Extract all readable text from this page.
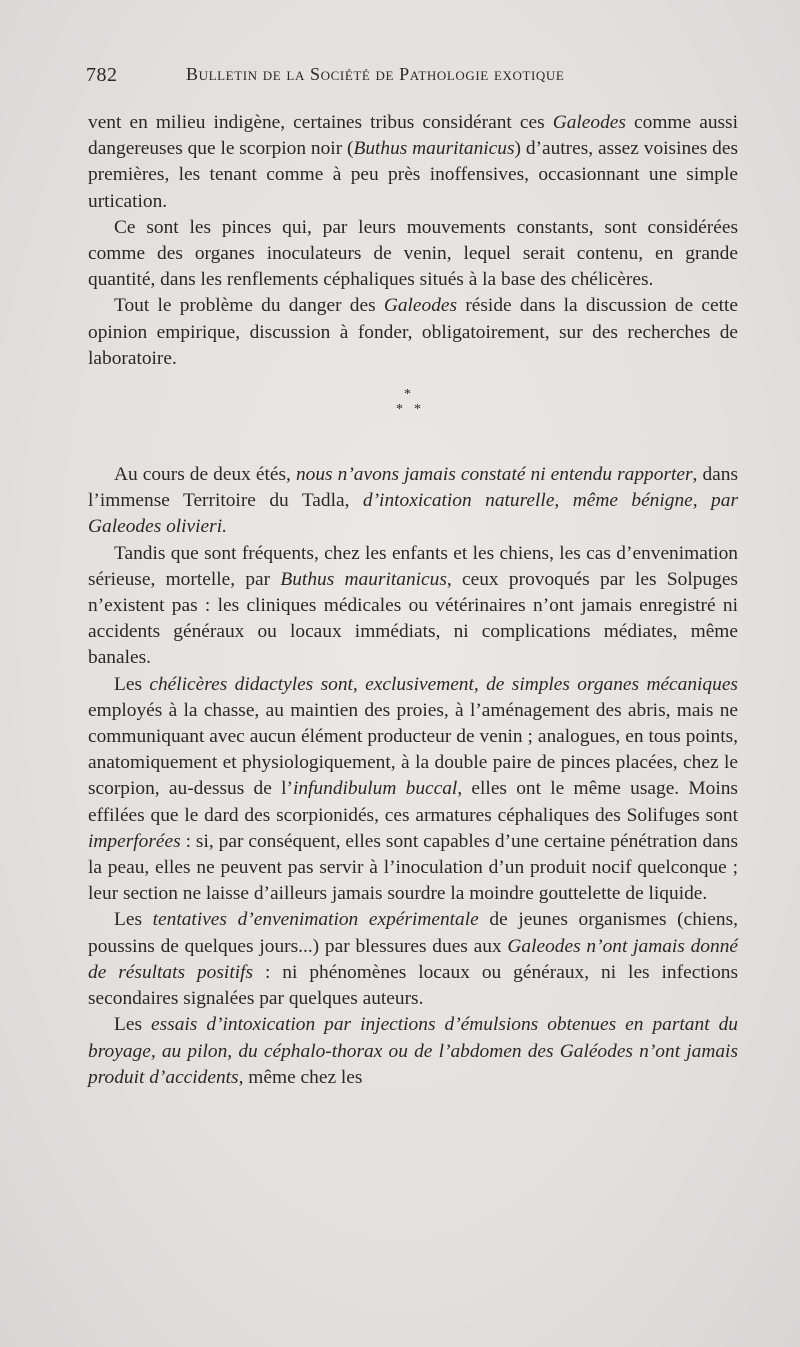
782	Bulletin de la Société de Pathologie exotique

vent en milieu indigène, certaines tribus considérant ces Galeodes comme aussi dangereuses que le scorpion noir (Buthus mauritanicus) d’autres, assez voisines des premières, les tenant comme à peu près inoffensives, occasionnant une simple urtication.

Ce sont les pinces qui, par leurs mouvements constants, sont considérées comme des organes inoculateurs de venin, lequel serait contenu, en grande quantité, dans les renflements céphaliques situés à la base des chélicères.

Tout le problème du danger des Galeodes réside dans la discussion de cette opinion empirique, discussion à fonder, obligatoirement, sur des recherches de laboratoire.

*
* *

Au cours de deux étés, nous n’avons jamais constaté ni entendu rapporter, dans l’immense Territoire du Tadla, d’intoxication naturelle, même bénigne, par Galeodes olivieri.

Tandis que sont fréquents, chez les enfants et les chiens, les cas d’envenimation sérieuse, mortelle, par Buthus mauritanicus, ceux provoqués par les Solpuges n’existent pas : les cliniques médicales ou vétérinaires n’ont jamais enregistré ni accidents généraux ou locaux immédiats, ni complications médiates, même banales.

Les chélicères didactyles sont, exclusivement, de simples organes mécaniques employés à la chasse, au maintien des proies, à l’aménagement des abris, mais ne communiquant avec aucun élément producteur de venin ; analogues, en tous points, anatomiquement et physiologiquement, à la double paire de pinces placées, chez le scorpion, au-dessus de l’infundibulum buccal, elles ont le même usage. Moins effilées que le dard des scorpionidés, ces armatures céphaliques des Solifuges sont imperforées : si, par conséquent, elles sont capables d’une certaine pénétration dans la peau, elles ne peuvent pas servir à l’inoculation d’un produit nocif quelconque ; leur section ne laisse d’ailleurs jamais sourdre la moindre gouttelette de liquide.

Les tentatives d’envenimation expérimentale de jeunes organismes (chiens, poussins de quelques jours...) par blessures dues aux Galeodes n’ont jamais donné de résultats positifs : ni phénomènes locaux ou généraux, ni les infections secondaires signalées par quelques auteurs.

Les essais d’intoxication par injections d’émulsions obtenues en partant du broyage, au pilon, du céphalo-thorax ou de l’abdomen des Galéodes n’ont jamais produit d’accidents, même chez les
